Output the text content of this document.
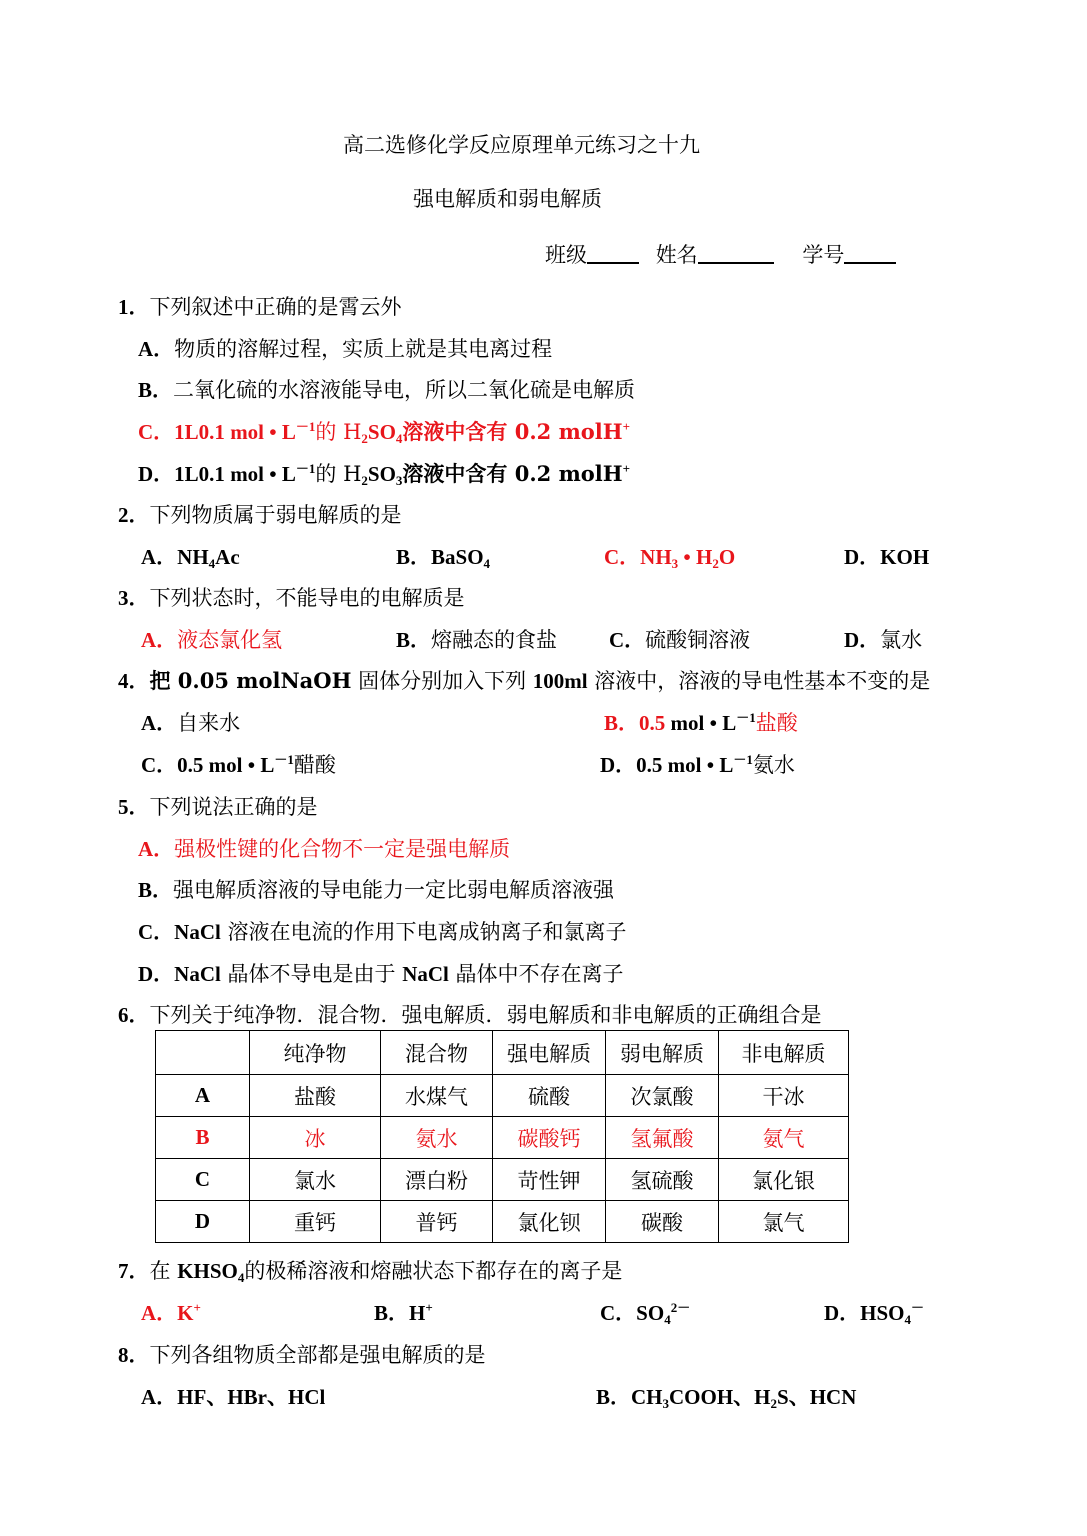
高二选修化学反应原理单元练习之十九
强电解质和弱电解质
班级	姓名	学号
1．下列叙述中正确的是霄云外
A．物质的溶解过程，实质上就是其电离过程
B．二氧化硫的水溶液能导电，所以二氧化硫是电解质
C．1L0.1 mol • $L^{-1}$的 $H_2SO_4$溶液中含有 0.2 molH+
D．1L0.1 mol • $L^{-1}$的 $H_2SO_3$溶液中含有 0.2 molH+
2．下列物质属于弱电解质的是
A．$NH_4Ac$	B．BaSO$_4$	C．$NH_3$ • $H_2O$	D．KOH
3．下列状态时，不能导电的电解质是
A．液态氯化氢	B．熔融态的食盐 C．硫酸铜溶液	D．氯水
4．把 0.05 molNaOH 固体分别加入下列 100ml 溶液中，溶液的导电性基本不变的是
A．自来水	B．0.5 mol • $L^{-1}$盐酸
C．0.5 mol • $L^{-1}$醋酸	D．0.5 mol • $L^{-1}$氨水
5．下列说法正确的是
A．强极性键的化合物不一定是强电解质
B．强电解质溶液的导电能力一定比弱电解质溶液强
C．NaCl 溶液在电流的作用下电离成钠离子和氯离子
D．NaCl 晶体不导电是由于 NaCl 晶体中不存在离子
6．下列关于纯净物．混合物．强电解质．弱电解质和非电解质的正确组合是
	纯净物	混合物	强电解质	弱电解质	非电解质
A	盐酸	水煤气	硫酸	次氯酸	干冰
B	冰	氨水	碳酸钙	氢氟酸	氨气
C	氯水	漂白粉	苛性钾	氢硫酸	氯化银
D	重钙	普钙	氯化钡	碳酸	氯气
7．在 $KHSO_4$的极稀溶液和熔融状态下都存在的离子是
A．K+	B．H+	C．$SO_4^{2-}$	D．$HSO_4^-$
8．下列各组物质全部都是强电解质的是
A．HF、HBr、HCl	B．$CH_3COOH$、$H_2S$、HCN
